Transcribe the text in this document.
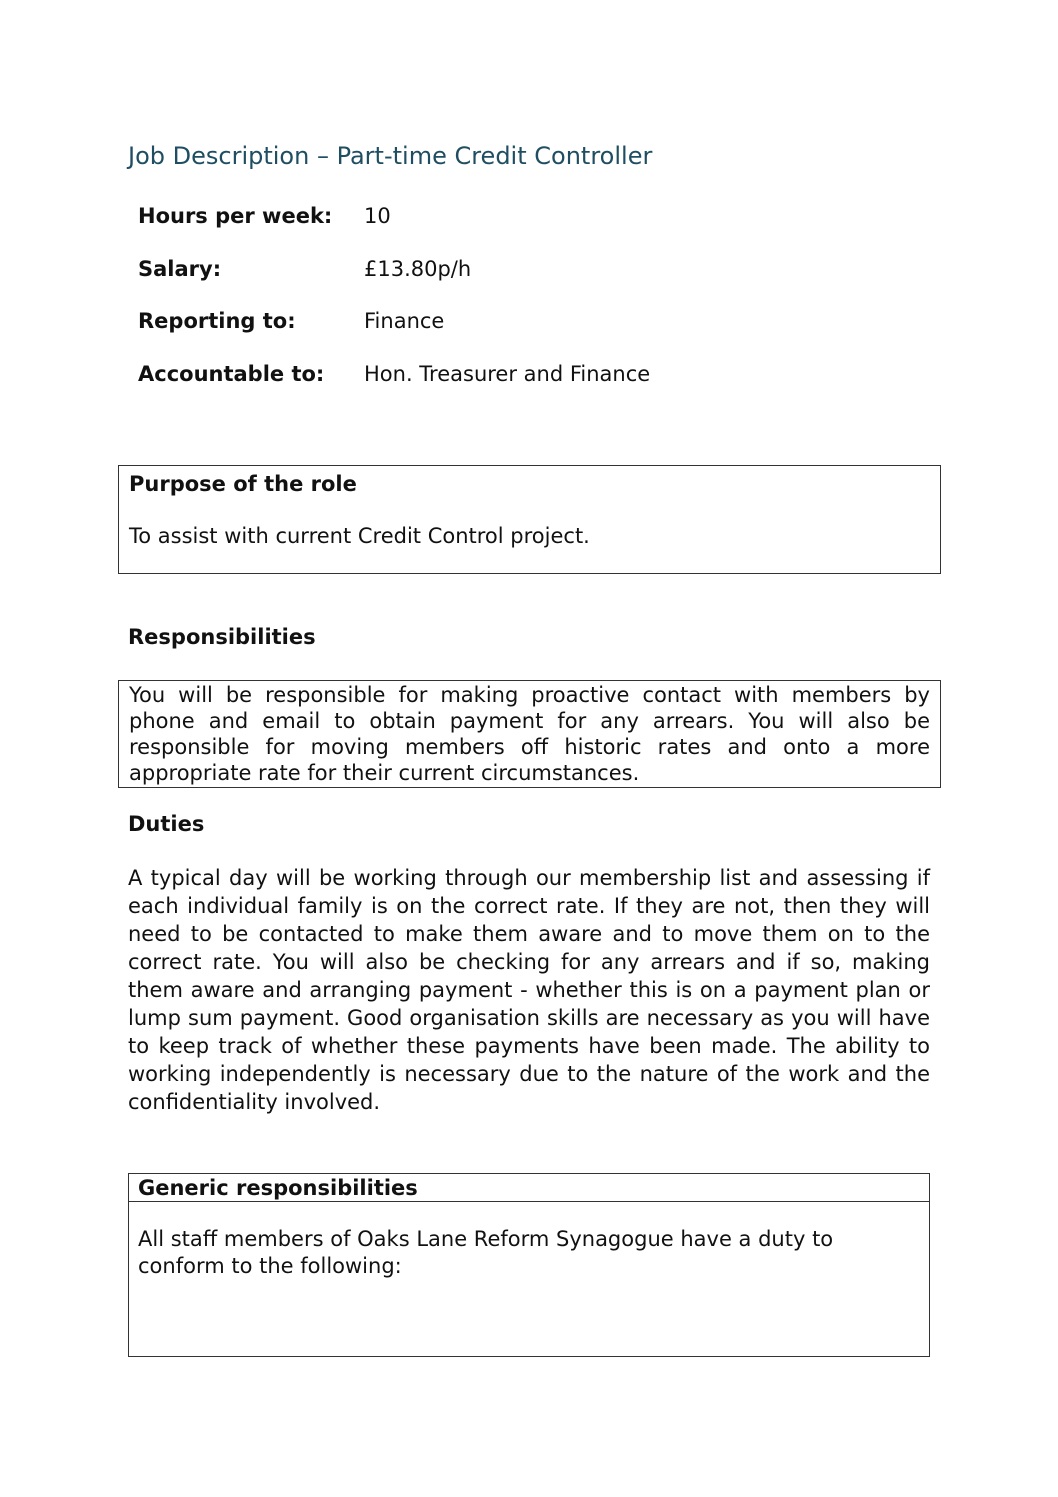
Job Description – Part-time Credit Controller
Hours per week: 10
Salary:	£13.80p/h
Reporting to:	Finance
Accountable to: Hon. Treasurer and Finance

Purpose of the role

To assist with current Credit Control project.

Responsibilities

You will be responsible for making proactive contact with members by phone and email to obtain payment for any arrears. You will also be responsible for moving members off historic rates and onto a more appropriate rate for their current circumstances.

Duties

A typical day will be working through our membership list and assessing if each individual family is on the correct rate. If they are not, then they will need to be contacted to make them aware and to move them on to the correct rate. You will also be checking for any arrears and if so, making them aware and arranging payment - whether this is on a payment plan or lump sum payment. Good organisation skills are necessary as you will have to keep track of whether these payments have been made. The ability to working independently is necessary due to the nature of the work and the confidentiality involved.

Generic responsibilities
All staff members of Oaks Lane Reform Synagogue have a duty to conform to the following:
